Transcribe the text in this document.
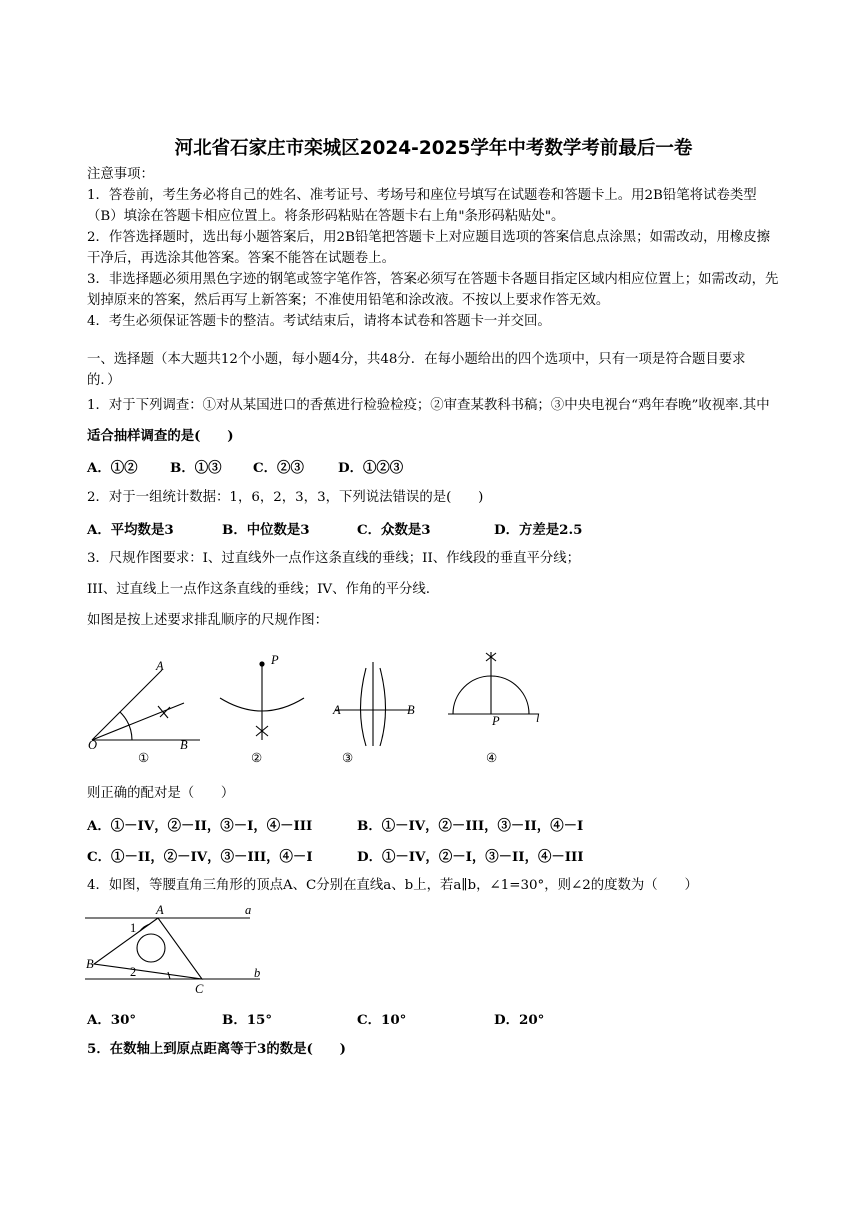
河北省石家庄市栾城区2024-2025学年中考数学考前最后一卷
注意事项：
1．答卷前，考生务必将自己的姓名、准考证号、考场号和座位号填写在试题卷和答题卡上。用2B铅笔将试卷类型
（B）填涂在答题卡相应位置上。将条形码粘贴在答题卡右上角"条形码粘贴处"。
2．作答选择题时，选出每小题答案后，用2B铅笔把答题卡上对应题目选项的答案信息点涂黑；如需改动，用橡皮擦
干净后，再选涂其他答案。答案不能答在试题卷上。
3．非选择题必须用黑色字迹的钢笔或签字笔作答，答案必须写在答题卡各题目指定区域内相应位置上；如需改动，先
划掉原来的答案，然后再写上新答案；不准使用铅笔和涂改液。不按以上要求作答无效。
4．考生必须保证答题卡的整洁。考试结束后，请将本试卷和答题卡一并交回。
一、选择题（本大题共12个小题，每小题4分，共48分．在每小题给出的四个选项中，只有一项是符合题目要求
的．）
1．对于下列调查：①对从某国进口的香蕉进行检验检疫；②审查某教科书稿；③中央电视台“鸡年春晚”收视率.其中
适合抽样调查的是(　　)
A．①② B．①③ C．②③	D．①②③
2．对于一组统计数据：1，6，2，3，3，下列说法错误的是(　　)
A．平均数是3	B．中位数是3	C．众数是3	D．方差是2.5
3．尺规作图要求：I、过直线外一点作这条直线的垂线；II、作线段的垂直平分线；
III、过直线上一点作这条直线的垂线；IV、作角的平分线.
如图是按上述要求排乱顺序的尺规作图：
A
O	B
①
P
②
A	B
③
P	l
④
则正确的配对是（　　）
A．①－IV，②－II，③－I，④－III	B．①－IV，②－III，③－II，④－I
C．①－II，②－IV，③－III，④－I	D．①－IV，②－I，③－II，④－III
4．如图，等腰直角三角形的顶点A、C分别在直线a、b上，若a∥b，∠1=30°，则∠2的度数为（　　）
A	a
1
B
2	b
C
A．30°	B．15°	C．10°	D．20°
5．在数轴上到原点距离等于3的数是(　　)
